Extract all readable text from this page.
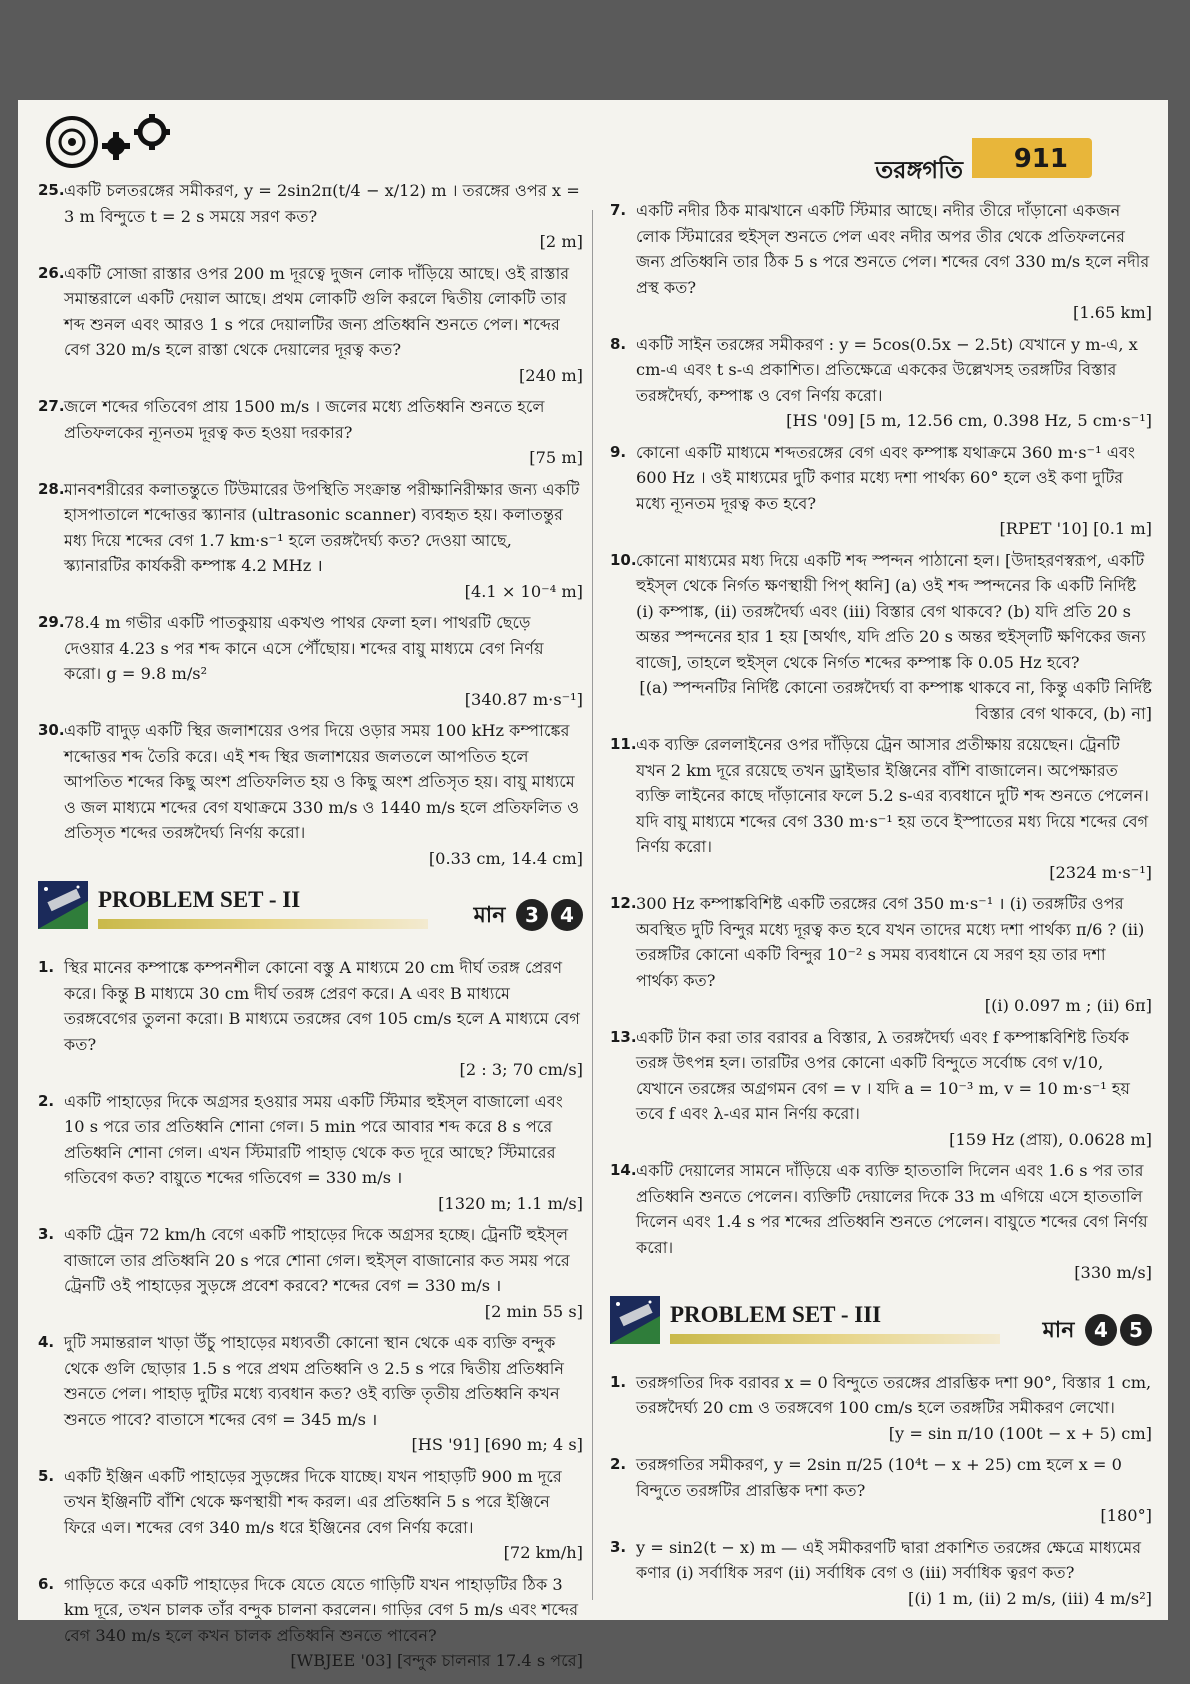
তরঙ্গগতি 911
25. একটি চলতরঙ্গের সমীকরণ, y = 2sin2π(t/4 − x/12) m । তরঙ্গের ওপর x = 3 m বিন্দুতে t = 2 s সময়ে সরণ কত?
[2 m]
26. একটি সোজা রাস্তার ওপর 200 m দূরত্বে দুজন লোক দাঁড়িয়ে আছে। ওই রাস্তার সমান্তরালে একটি দেয়াল আছে। প্রথম লোকটি গুলি করলে দ্বিতীয় লোকটি তার শব্দ শুনল এবং আরও 1 s পরে দেয়ালটির জন্য প্রতিধ্বনি শুনতে পেল। শব্দের বেগ 320 m/s হলে রাস্তা থেকে দেয়ালের দূরত্ব কত?
[240 m]
27. জলে শব্দের গতিবেগ প্রায় 1500 m/s । জলের মধ্যে প্রতিধ্বনি শুনতে হলে প্রতিফলকের ন্যূনতম দূরত্ব কত হওয়া দরকার?
[75 m]
28. মানবশরীরের কলাতন্তুতে টিউমারের উপস্থিতি সংক্রান্ত পরীক্ষানিরীক্ষার জন্য একটি হাসপাতালে শব্দোত্তর স্ক্যানার (ultrasonic scanner) ব্যবহৃত হয়। কলাতন্তুর মধ্য দিয়ে শব্দের বেগ 1.7 km·s⁻¹ হলে তরঙ্গদৈর্ঘ্য কত? দেওয়া আছে, স্ক্যানারটির কার্যকরী কম্পাঙ্ক 4.2 MHz ।
[4.1 × 10⁻⁴ m]
29. 78.4 m গভীর একটি পাতকুয়ায় একখণ্ড পাথর ফেলা হল। পাথরটি ছেড়ে দেওয়ার 4.23 s পর শব্দ কানে এসে পৌঁছোয়। শব্দের বায়ু মাধ্যমে বেগ নির্ণয় করো। g = 9.8 m/s²
[340.87 m·s⁻¹]
30. একটি বাদুড় একটি স্থির জলাশয়ের ওপর দিয়ে ওড়ার সময় 100 kHz কম্পাঙ্কের শব্দোত্তর শব্দ তৈরি করে। এই শব্দ স্থির জলাশয়ের জলতলে আপতিত হলে আপতিত শব্দের কিছু অংশ প্রতিফলিত হয় ও কিছু অংশ প্রতিসৃত হয়। বায়ু মাধ্যমে ও জল মাধ্যমে শব্দের বেগ যথাক্রমে 330 m/s ও 1440 m/s হলে প্রতিফলিত ও প্রতিসৃত শব্দের তরঙ্গদৈর্ঘ্য নির্ণয় করো।
[0.33 cm, 14.4 cm]
PROBLEM SET - II
মান 3 4
1. স্থির মানের কম্পাঙ্কে কম্পনশীল কোনো বস্তু A মাধ্যমে 20 cm দীর্ঘ তরঙ্গ প্রেরণ করে। কিন্তু B মাধ্যমে 30 cm দীর্ঘ তরঙ্গ প্রেরণ করে। A এবং B মাধ্যমে তরঙ্গবেগের তুলনা করো। B মাধ্যমে তরঙ্গের বেগ 105 cm/s হলে A মাধ্যমে বেগ কত?
[2 : 3; 70 cm/s]
2. একটি পাহাড়ের দিকে অগ্রসর হওয়ার সময় একটি স্টিমার হুইস্‌ল বাজালো এবং 10 s পরে তার প্রতিধ্বনি শোনা গেল। 5 min পরে আবার শব্দ করে 8 s পরে প্রতিধ্বনি শোনা গেল। এখন স্টিমারটি পাহাড় থেকে কত দূরে আছে? স্টিমারের গতিবেগ কত? বায়ুতে শব্দের গতিবেগ = 330 m/s ।
[1320 m; 1.1 m/s]
3. একটি ট্রেন 72 km/h বেগে একটি পাহাড়ের দিকে অগ্রসর হচ্ছে। ট্রেনটি হুইস্‌ল বাজালে তার প্রতিধ্বনি 20 s পরে শোনা গেল। হুইস্‌ল বাজানোর কত সময় পরে ট্রেনটি ওই পাহাড়ের সুড়ঙ্গে প্রবেশ করবে? শব্দের বেগ = 330 m/s ।
[2 min 55 s]
4. দুটি সমান্তরাল খাড়া উঁচু পাহাড়ের মধ্যবর্তী কোনো স্থান থেকে এক ব্যক্তি বন্দুক থেকে গুলি ছোড়ার 1.5 s পরে প্রথম প্রতিধ্বনি ও 2.5 s পরে দ্বিতীয় প্রতিধ্বনি শুনতে পেল। পাহাড় দুটির মধ্যে ব্যবধান কত? ওই ব্যক্তি তৃতীয় প্রতিধ্বনি কখন শুনতে পাবে? বাতাসে শব্দের বেগ = 345 m/s ।
[HS '91] [690 m; 4 s]
5. একটি ইঞ্জিন একটি পাহাড়ের সুড়ঙ্গের দিকে যাচ্ছে। যখন পাহাড়টি 900 m দূরে তখন ইঞ্জিনটি বাঁশি থেকে ক্ষণস্থায়ী শব্দ করল। এর প্রতিধ্বনি 5 s পরে ইঞ্জিনে ফিরে এল। শব্দের বেগ 340 m/s ধরে ইঞ্জিনের বেগ নির্ণয় করো।
[72 km/h]
6. গাড়িতে করে একটি পাহাড়ের দিকে যেতে যেতে গাড়িটি যখন পাহাড়টির ঠিক 3 km দূরে, তখন চালক তাঁর বন্দুক চালনা করলেন। গাড়ির বেগ 5 m/s এবং শব্দের বেগ 340 m/s হলে কখন চালক প্রতিধ্বনি শুনতে পাবেন?
[WBJEE '03] [বন্দুক চালনার 17.4 s পরে]
7. একটি নদীর ঠিক মাঝখানে একটি স্টিমার আছে। নদীর তীরে দাঁড়ানো একজন লোক স্টিমারের হুইস্‌ল শুনতে পেল এবং নদীর অপর তীর থেকে প্রতিফলনের জন্য প্রতিধ্বনি তার ঠিক 5 s পরে শুনতে পেল। শব্দের বেগ 330 m/s হলে নদীর প্রস্থ কত?
[1.65 km]
8. একটি সাইন তরঙ্গের সমীকরণ : y = 5cos(0.5x − 2.5t) যেখানে y m-এ, x cm-এ এবং t s-এ প্রকাশিত। প্রতিক্ষেত্রে এককের উল্লেখসহ তরঙ্গটির বিস্তার তরঙ্গদৈর্ঘ্য, কম্পাঙ্ক ও বেগ নির্ণয় করো।
[HS '09] [5 m, 12.56 cm, 0.398 Hz, 5 cm·s⁻¹]
9. কোনো একটি মাধ্যমে শব্দতরঙ্গের বেগ এবং কম্পাঙ্ক যথাক্রমে 360 m·s⁻¹ এবং 600 Hz । ওই মাধ্যমের দুটি কণার মধ্যে দশা পার্থক্য 60° হলে ওই কণা দুটির মধ্যে ন্যূনতম দূরত্ব কত হবে?
[RPET '10] [0.1 m]
10. কোনো মাধ্যমের মধ্য দিয়ে একটি শব্দ স্পন্দন পাঠানো হল। [উদাহরণস্বরূপ, একটি হুইস্‌ল থেকে নির্গত ক্ষণস্থায়ী পিপ্‌ ধ্বনি] (a) ওই শব্দ স্পন্দনের কি একটি নির্দিষ্ট (i) কম্পাঙ্ক, (ii) তরঙ্গদৈর্ঘ্য এবং (iii) বিস্তার বেগ থাকবে? (b) যদি প্রতি 20 s অন্তর স্পন্দনের হার 1 হয় [অর্থাৎ, যদি প্রতি 20 s অন্তর হুইস্‌লটি ক্ষণিকের জন্য বাজে], তাহলে হুইস্‌ল থেকে নির্গত শব্দের কম্পাঙ্ক কি 0.05 Hz হবে?
[(a) স্পন্দনটির নির্দিষ্ট কোনো তরঙ্গদৈর্ঘ্য বা কম্পাঙ্ক থাকবে না, কিন্তু একটি নির্দিষ্ট বিস্তার বেগ থাকবে, (b) না]
11. এক ব্যক্তি রেললাইনের ওপর দাঁড়িয়ে ট্রেন আসার প্রতীক্ষায় রয়েছেন। ট্রেনটি যখন 2 km দূরে রয়েছে তখন ড্রাইভার ইঞ্জিনের বাঁশি বাজালেন। অপেক্ষারত ব্যক্তি লাইনের কাছে দাঁড়ানোর ফলে 5.2 s-এর ব্যবধানে দুটি শব্দ শুনতে পেলেন। যদি বায়ু মাধ্যমে শব্দের বেগ 330 m·s⁻¹ হয় তবে ইস্পাতের মধ্য দিয়ে শব্দের বেগ নির্ণয় করো।
[2324 m·s⁻¹]
12. 300 Hz কম্পাঙ্কবিশিষ্ট একটি তরঙ্গের বেগ 350 m·s⁻¹ । (i) তরঙ্গটির ওপর অবস্থিত দুটি বিন্দুর মধ্যে দূরত্ব কত হবে যখন তাদের মধ্যে দশা পার্থক্য π/6 ? (ii) তরঙ্গটির কোনো একটি বিন্দুর 10⁻² s সময় ব্যবধানে যে সরণ হয় তার দশা পার্থক্য কত?
[(i) 0.097 m ; (ii) 6π]
13. একটি টান করা তার বরাবর a বিস্তার, λ তরঙ্গদৈর্ঘ্য এবং f কম্পাঙ্কবিশিষ্ট তির্যক তরঙ্গ উৎপন্ন হল। তারটির ওপর কোনো একটি বিন্দুতে সর্বোচ্চ বেগ v/10, যেখানে তরঙ্গের অগ্রগমন বেগ = v । যদি a = 10⁻³ m, v = 10 m·s⁻¹ হয় তবে f এবং λ-এর মান নির্ণয় করো।
[159 Hz (প্রায়), 0.0628 m]
14. একটি দেয়ালের সামনে দাঁড়িয়ে এক ব্যক্তি হাততালি দিলেন এবং 1.6 s পর তার প্রতিধ্বনি শুনতে পেলেন। ব্যক্তিটি দেয়ালের দিকে 33 m এগিয়ে এসে হাততালি দিলেন এবং 1.4 s পর শব্দের প্রতিধ্বনি শুনতে পেলেন। বায়ুতে শব্দের বেগ নির্ণয় করো।
[330 m/s]
PROBLEM SET - III
মান 4 5
1. তরঙ্গগতির দিক বরাবর x = 0 বিন্দুতে তরঙ্গের প্রারম্ভিক দশা 90°, বিস্তার 1 cm, তরঙ্গদৈর্ঘ্য 20 cm ও তরঙ্গবেগ 100 cm/s হলে তরঙ্গটির সমীকরণ লেখো।
[y = sin π/10 (100t − x + 5) cm]
2. তরঙ্গগতির সমীকরণ, y = 2sin π/25 (10⁴t − x + 25) cm হলে x = 0 বিন্দুতে তরঙ্গটির প্রারম্ভিক দশা কত?
[180°]
3. y = sin2(t − x) m — এই সমীকরণটি দ্বারা প্রকাশিত তরঙ্গের ক্ষেত্রে মাধ্যমের কণার (i) সর্বাধিক সরণ (ii) সর্বাধিক বেগ ও (iii) সর্বাধিক ত্বরণ কত?
[(i) 1 m, (ii) 2 m/s, (iii) 4 m/s²]
